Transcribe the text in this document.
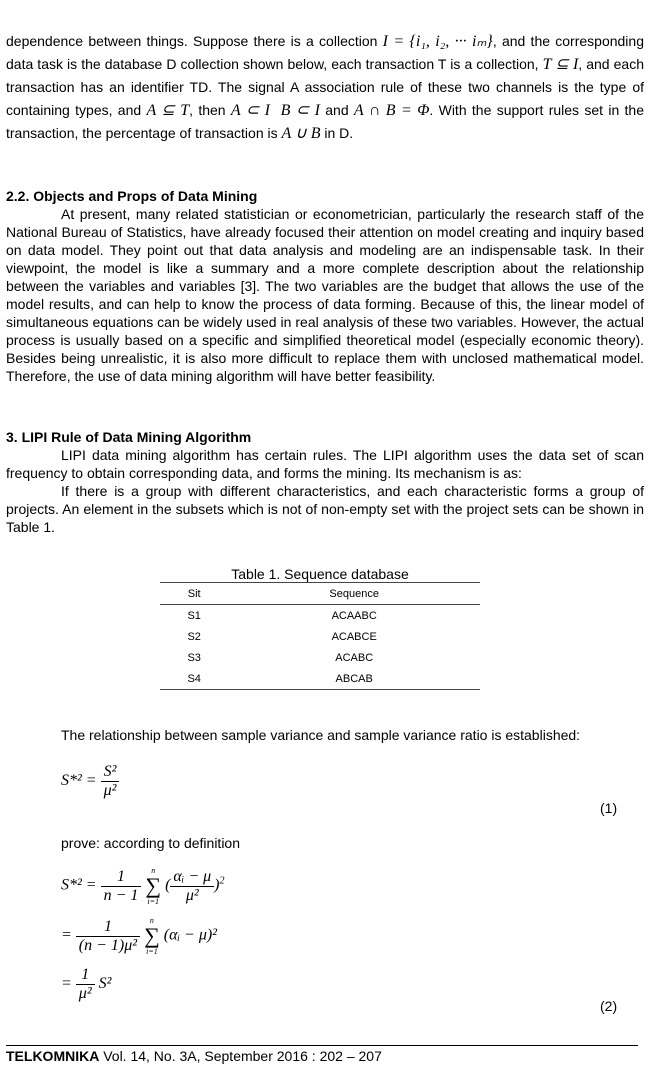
dependence between things. Suppose there is a collection I = {i₁, i₂, ··· iₘ}, and the corresponding data task is the database D collection shown below, each transaction T is a collection, T ⊆ I, and each transaction has an identifier TD. The signal A association rule of these two channels is the type of containing types, and A ⊆ T, then A ⊂ I B ⊂ I and A ∩ B = Φ. With the support rules set in the transaction, the percentage of transaction is A ∪ B in D.

2.2. Objects and Props of Data Mining

At present, many related statistician or econometrician, particularly the research staff of the National Bureau of Statistics, have already focused their attention on model creating and inquiry based on data model. They point out that data analysis and modeling are an indispensable task. In their viewpoint, the model is like a summary and a more complete description about the relationship between the variables and variables [3]. The two variables are the budget that allows the use of the model results, and can help to know the process of data forming. Because of this, the linear model of simultaneous equations can be widely used in real analysis of these two variables. However, the actual process is usually based on a specific and simplified theoretical model (especially economic theory). Besides being unrealistic, it is also more difficult to replace them with unclosed mathematical model. Therefore, the use of data mining algorithm will have better feasibility.

3. LIPI Rule of Data Mining Algorithm

LIPI data mining algorithm has certain rules. The LIPI algorithm uses the data set of scan frequency to obtain corresponding data, and forms the mining. Its mechanism is as:

If there is a group with different characteristics, and each characteristic forms a group of projects. An element in the subsets which is not of non-empty set with the project sets can be shown in Table 1.

Table 1. Sequence database
Sit	Sequence
S1	ACAABC
S2	ACABCE
S3	ACABC
S4	ABCAB

The relationship between sample variance and sample variance ratio is established:

$S*^2 = \frac{\text{S²}}{\text{μ²}}$
(1)

prove: according to definition

$S*^2 = \frac{1}{n - 1}$
	n
∑
i=1
( $\frac{\text{αᵢ − μ}}{\text{μ²}} )^2$
= $\frac{1}{\text{(n − 1)μ²}}$
	n
∑
i=1
(αᵢ − μ)²
= $\frac{1}{\text{μ²}} S^2$
(2)
TELKOMNIKA Vol. 14, No. 3A, September 2016 : 202 – 207
